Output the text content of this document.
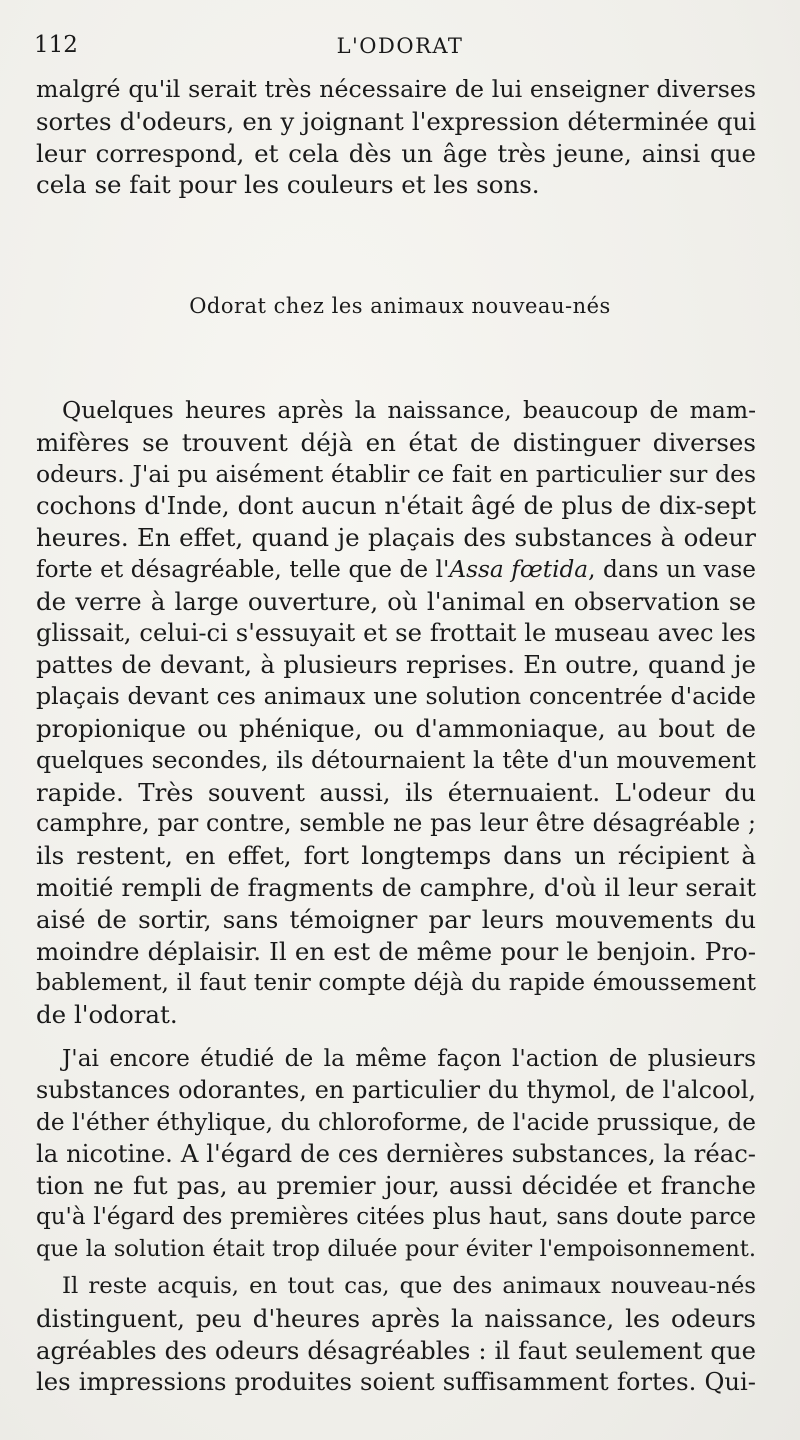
112	L'ODORAT

malgré qu'il serait très nécessaire de lui enseigner diverses
sortes d'odeurs, en y joignant l'expression déterminée qui
leur correspond, et cela dès un âge très jeune, ainsi que
cela se fait pour les couleurs et les sons.

Odorat chez les animaux nouveau-nés

Quelques heures après la naissance, beaucoup de mam-
mifères se trouvent déjà en état de distinguer diverses
odeurs. J'ai pu aisément établir ce fait en particulier sur des
cochons d'Inde, dont aucun n'était âgé de plus de dix-sept
heures. En effet, quand je plaçais des substances à odeur
forte et désagréable, telle que de l'Assa fœtida, dans un vase
de verre à large ouverture, où l'animal en observation se
glissait, celui-ci s'essuyait et se frottait le museau avec les
pattes de devant, à plusieurs reprises. En outre, quand je
plaçais devant ces animaux une solution concentrée d'acide
propionique ou phénique, ou d'ammoniaque, au bout de
quelques secondes, ils détournaient la tête d'un mouvement
rapide. Très souvent aussi, ils éternuaient. L'odeur du
camphre, par contre, semble ne pas leur être désagréable ;
ils restent, en effet, fort longtemps dans un récipient à
moitié rempli de fragments de camphre, d'où il leur serait
aisé de sortir, sans témoigner par leurs mouvements du
moindre déplaisir. Il en est de même pour le benjoin. Pro-
bablement, il faut tenir compte déjà du rapide émoussement
de l'odorat.

J'ai encore étudié de la même façon l'action de plusieurs
substances odorantes, en particulier du thymol, de l'alcool,
de l'éther éthylique, du chloroforme, de l'acide prussique, de
la nicotine. A l'égard de ces dernières substances, la réac-
tion ne fut pas, au premier jour, aussi décidée et franche
qu'à l'égard des premières citées plus haut, sans doute parce
que la solution était trop diluée pour éviter l'empoisonnement.

Il reste acquis, en tout cas, que des animaux nouveau-nés
distinguent, peu d'heures après la naissance, les odeurs
agréables des odeurs désagréables : il faut seulement que
les impressions produites soient suffisamment fortes. Qui-
